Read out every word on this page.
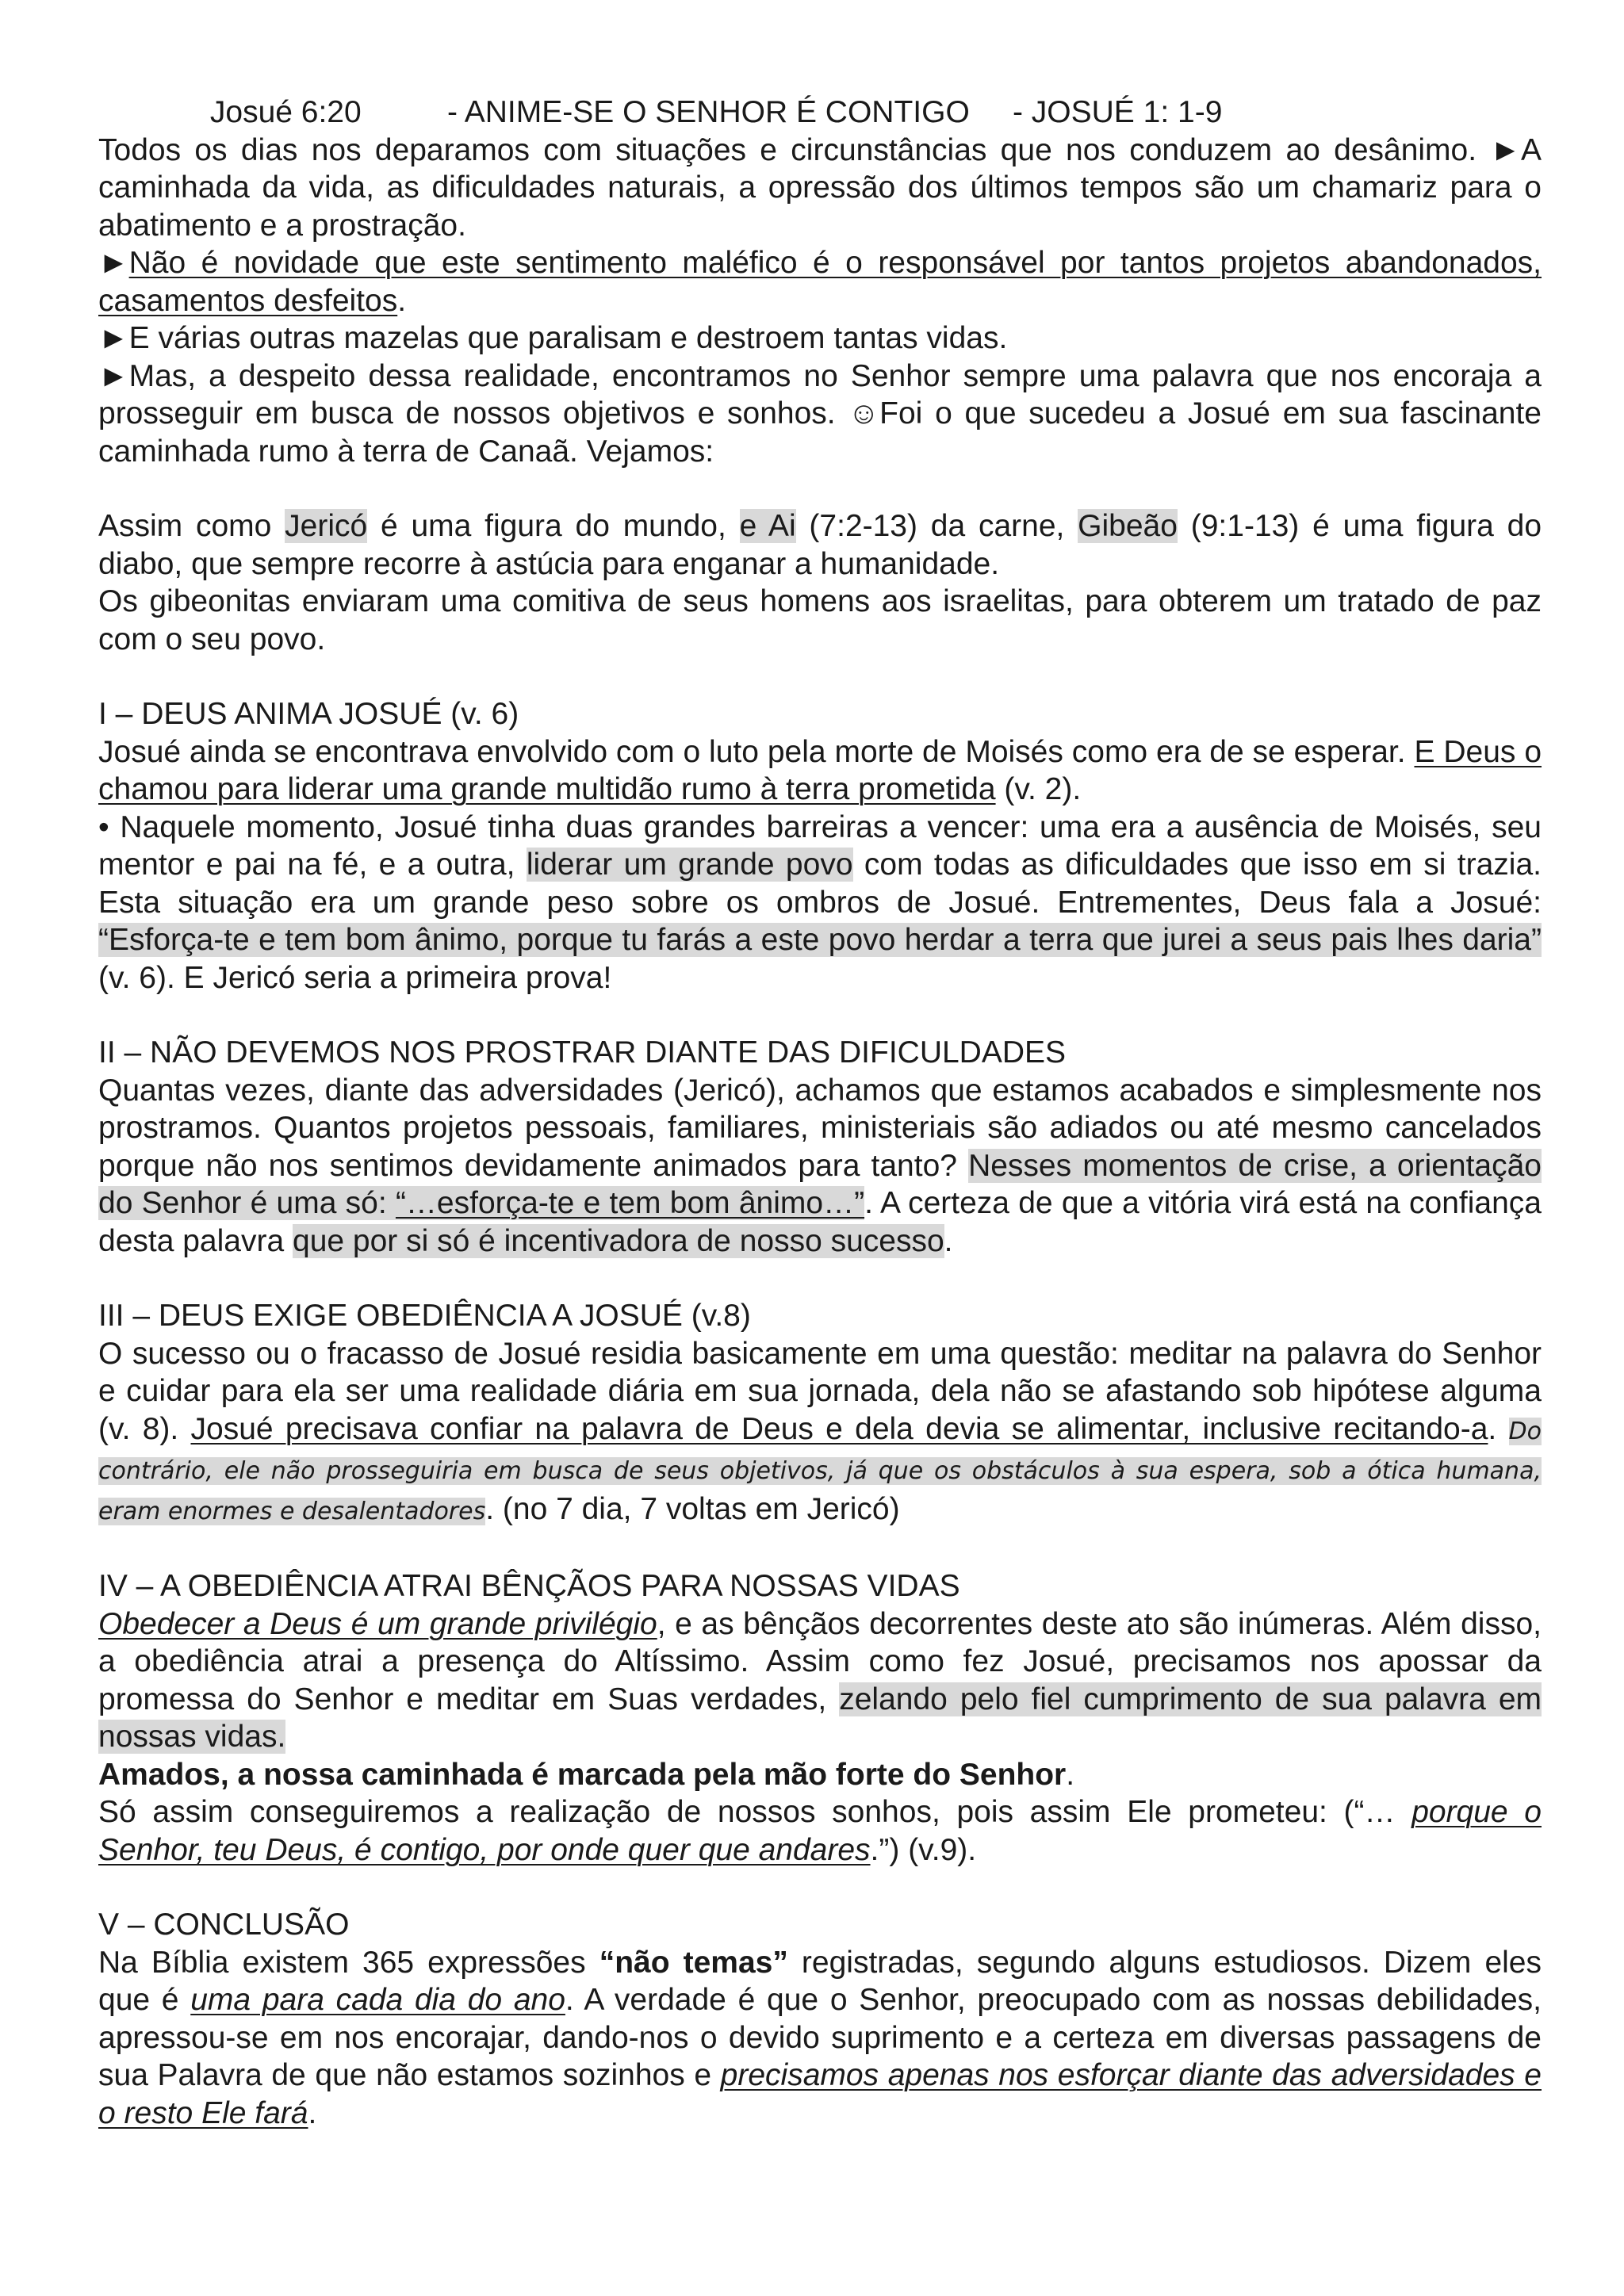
Josué 6:20	- ANIME-SE O SENHOR É CONTIGO - JOSUÉ 1: 1-9

Todos os dias nos deparamos com situações e circunstâncias que nos conduzem ao desânimo. ►A caminhada da vida, as dificuldades naturais, a opressão dos últimos tempos são um chamariz para o abatimento e a prostração.

►Não é novidade que este sentimento maléfico é o responsável por tantos projetos abandonados, casamentos desfeitos.

►E várias outras mazelas que paralisam e destroem tantas vidas.

►Mas, a despeito dessa realidade, encontramos no Senhor sempre uma palavra que nos encoraja a prosseguir em busca de nossos objetivos e sonhos. ☺Foi o que sucedeu a Josué em sua fascinante caminhada rumo à terra de Canaã. Vejamos:

Assim como Jericó é uma figura do mundo, e Ai (7:2-13) da carne, Gibeão (9:1-13) é uma figura do diabo, que sempre recorre à astúcia para enganar a humanidade.

Os gibeonitas enviaram uma comitiva de seus homens aos israelitas, para obterem um tratado de paz com o seu povo.

I – DEUS ANIMA JOSUÉ (v. 6)

Josué ainda se encontrava envolvido com o luto pela morte de Moisés como era de se esperar. E Deus o chamou para liderar uma grande multidão rumo à terra prometida (v. 2).

• Naquele momento, Josué tinha duas grandes barreiras a vencer: uma era a ausência de Moisés, seu mentor e pai na fé, e a outra, liderar um grande povo com todas as dificuldades que isso em si trazia. Esta situação era um grande peso sobre os ombros de Josué. Entrementes, Deus fala a Josué: “Esforça-te e tem bom ânimo, porque tu farás a este povo herdar a terra que jurei a seus pais lhes daria” (v. 6). E Jericó seria a primeira prova!

II – NÃO DEVEMOS NOS PROSTRAR DIANTE DAS DIFICULDADES

Quantas vezes, diante das adversidades (Jericó), achamos que estamos acabados e simplesmente nos prostramos. Quantos projetos pessoais, familiares, ministeriais são adiados ou até mesmo cancelados porque não nos sentimos devidamente animados para tanto? Nesses momentos de crise, a orientação do Senhor é uma só: “…esforça-te e tem bom ânimo…”. A certeza de que a vitória virá está na confiança desta palavra que por si só é incentivadora de nosso sucesso.

III – DEUS EXIGE OBEDIÊNCIA A JOSUÉ (v.8)

O sucesso ou o fracasso de Josué residia basicamente em uma questão: meditar na palavra do Senhor e cuidar para ela ser uma realidade diária em sua jornada, dela não se afastando sob hipótese alguma (v. 8). Josué precisava confiar na palavra de Deus e dela devia se alimentar, inclusive recitando-a. Do contrário, ele não prosseguiria em busca de seus objetivos, já que os obstáculos à sua espera, sob a ótica humana, eram enormes e desalentadores. (no 7 dia, 7 voltas em Jericó)

IV – A OBEDIÊNCIA ATRAI BÊNÇÃOS PARA NOSSAS VIDAS

Obedecer a Deus é um grande privilégio, e as bênçãos decorrentes deste ato são inúmeras. Além disso, a obediência atrai a presença do Altíssimo. Assim como fez Josué, precisamos nos apossar da promessa do Senhor e meditar em Suas verdades, zelando pelo fiel cumprimento de sua palavra em nossas vidas.

Amados, a nossa caminhada é marcada pela mão forte do Senhor.

Só assim conseguiremos a realização de nossos sonhos, pois assim Ele prometeu: (“… porque o Senhor, teu Deus, é contigo, por onde quer que andares.”) (v.9).

V – CONCLUSÃO

Na Bíblia existem 365 expressões “não temas” registradas, segundo alguns estudiosos. Dizem eles que é uma para cada dia do ano. A verdade é que o Senhor, preocupado com as nossas debilidades, apressou-se em nos encorajar, dando-nos o devido suprimento e a certeza em diversas passagens de sua Palavra de que não estamos sozinhos e precisamos apenas nos esforçar diante das adversidades e o resto Ele fará.
